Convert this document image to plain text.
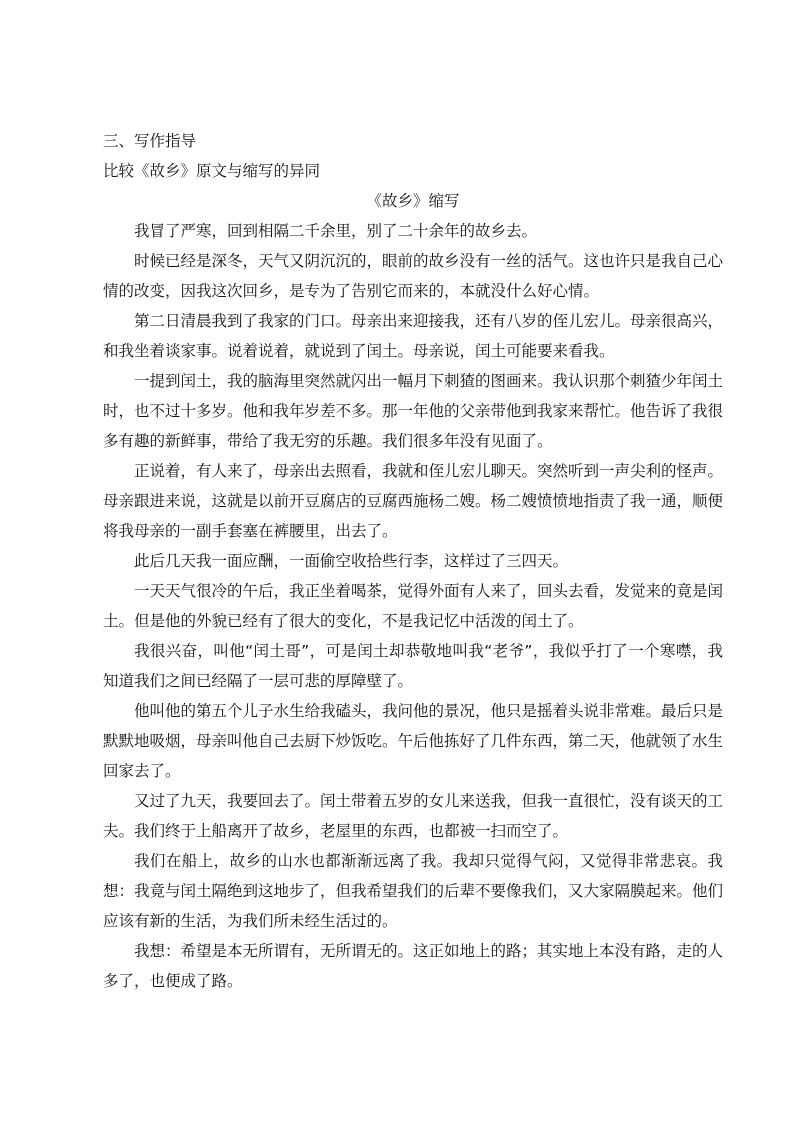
三、写作指导
比较《故乡》原文与缩写的异同
《故乡》缩写

我冒了严寒，回到相隔二千余里，别了二十余年的故乡去。

时候已经是深冬，天气又阴沉沉的，眼前的故乡没有一丝的活气。这也许只是我自己心情的改变，因我这次回乡，是专为了告别它而来的，本就没什么好心情。

第二日清晨我到了我家的门口。母亲出来迎接我，还有八岁的侄儿宏儿。母亲很高兴，和我坐着谈家事。说着说着，就说到了闰土。母亲说，闰土可能要来看我。

一提到闰土，我的脑海里突然就闪出一幅月下刺猹的图画来。我认识那个刺猹少年闰土时，也不过十多岁。他和我年岁差不多。那一年他的父亲带他到我家来帮忙。他告诉了我很多有趣的新鲜事，带给了我无穷的乐趣。我们很多年没有见面了。

正说着，有人来了，母亲出去照看，我就和侄儿宏儿聊天。突然听到一声尖利的怪声。母亲跟进来说，这就是以前开豆腐店的豆腐西施杨二嫂。杨二嫂愤愤地指责了我一通，顺便将我母亲的一副手套塞在裤腰里，出去了。

此后几天我一面应酬，一面偷空收拾些行李，这样过了三四天。

一天天气很冷的午后，我正坐着喝茶，觉得外面有人来了，回头去看，发觉来的竟是闰土。但是他的外貌已经有了很大的变化，不是我记忆中活泼的闰土了。

我很兴奋，叫他“闰土哥”，可是闰土却恭敬地叫我“老爷”，我似乎打了一个寒噤，我知道我们之间已经隔了一层可悲的厚障壁了。

他叫他的第五个儿子水生给我磕头，我问他的景况，他只是摇着头说非常难。最后只是默默地吸烟，母亲叫他自己去厨下炒饭吃。午后他拣好了几件东西，第二天，他就领了水生回家去了。

又过了九天，我要回去了。闰土带着五岁的女儿来送我，但我一直很忙，没有谈天的工夫。我们终于上船离开了故乡，老屋里的东西，也都被一扫而空了。

我们在船上，故乡的山水也都渐渐远离了我。我却只觉得气闷，又觉得非常悲哀。我想：我竟与闰土隔绝到这地步了，但我希望我们的后辈不要像我们，又大家隔膜起来。他们应该有新的生活，为我们所未经生活过的。

我想：希望是本无所谓有，无所谓无的。这正如地上的路；其实地上本没有路，走的人多了，也便成了路。
